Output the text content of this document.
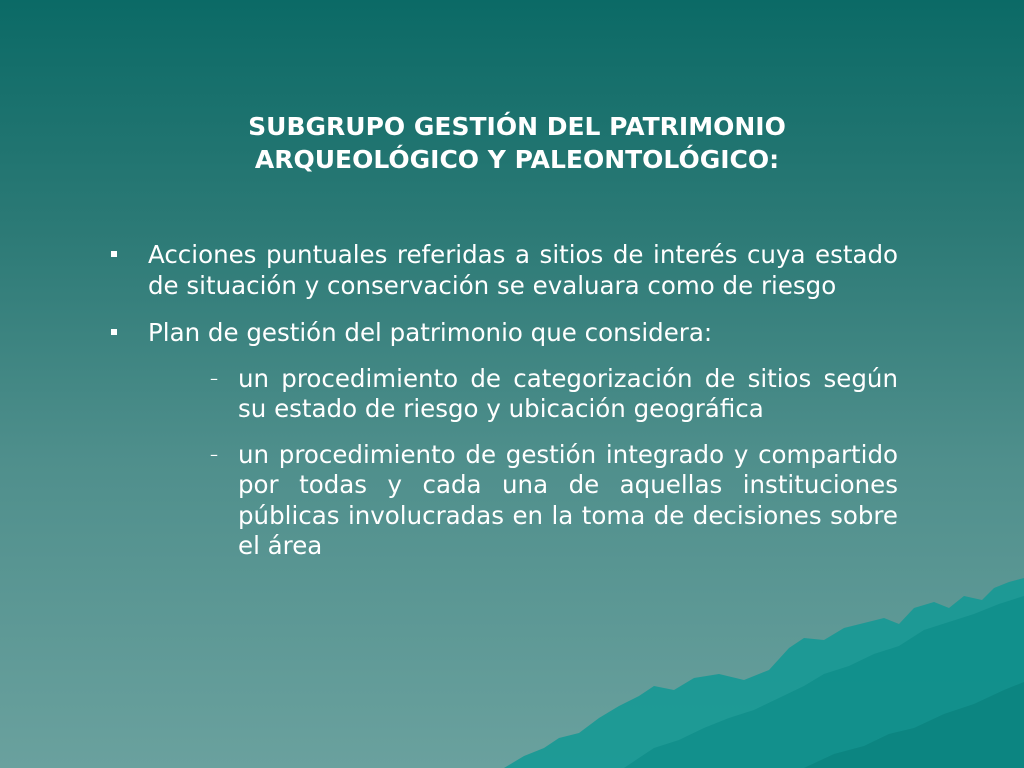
SUBGRUPO GESTIÓN DEL PATRIMONIO
ARQUEOLÓGICO Y PALEONTOLÓGICO:
Acciones puntuales referidas a sitios de interés cuya estado de situación y conservación se evaluara como de riesgo
Plan de gestión del patrimonio que considera:
– un procedimiento de categorización de sitios según su estado de riesgo y ubicación geográfica
– un procedimiento de gestión integrado y compartido por todas y cada una de aquellas instituciones públicas involucradas en la toma de decisiones sobre el área
